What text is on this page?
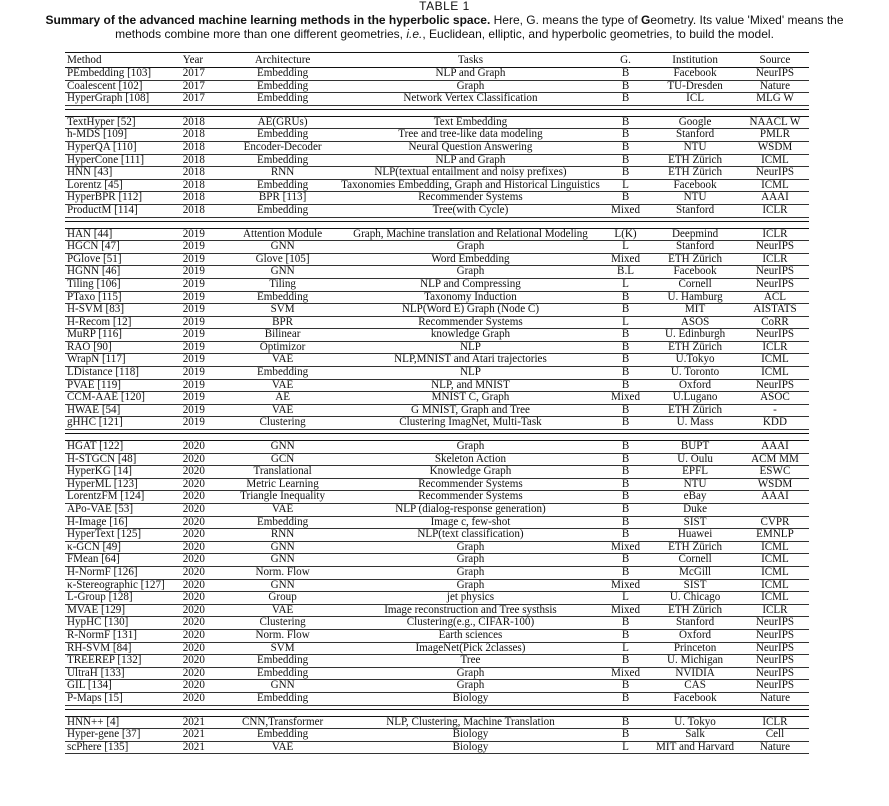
TABLE 1
Summary of the advanced machine learning methods in the hyperbolic space. Here, G. means the type of Geometry. Its value 'Mixed' means the methods combine more than one different geometries, i.e., Euclidean, elliptic, and hyperbolic geometries, to build the model.
Method	Year	Architecture	Tasks	G.	Institution	Source
PEmbedding [103]	2017	Embedding	NLP and Graph	B	Facebook	NeurIPS
Coalescent [102]	2017	Embedding	Graph	B	TU-Dresden	Nature
HyperGraph [108]	2017	Embedding	Network Vertex Classification	B	ICL	MLG W

TextHyper [52]	2018	AE(GRUs)	Text Embedding	B	Google	NAACL W
h-MDS [109]	2018	Embedding	Tree and tree-like data modeling	B	Stanford	PMLR
HyperQA [110]	2018	Encoder-Decoder	Neural Question Answering	B	NTU	WSDM
HyperCone [111]	2018	Embedding	NLP and Graph	B	ETH Zürich	ICML
HNN [43]	2018	RNN	NLP(textual entailment and noisy prefixes)	B	ETH Zürich	NeurIPS
Lorentz [45]	2018	Embedding	Taxonomies Embedding, Graph and Historical Linguistics	L	Facebook	ICML
HyperBPR [112]	2018	BPR [113]	Recommender Systems	B	NTU	AAAI
ProductM [114]	2018	Embedding	Tree(with Cycle)	Mixed	Stanford	ICLR

HAN [44]	2019	Attention Module	Graph, Machine translation and Relational Modeling	L(K)	Deepmind	ICLR
HGCN [47]	2019	GNN	Graph	L	Stanford	NeurIPS
PGlove [51]	2019	Glove [105]	Word Embedding	Mixed	ETH Zürich	ICLR
HGNN [46]	2019	GNN	Graph	B.L	Facebook	NeurIPS
Tiling [106]	2019	Tiling	NLP and Compressing	L	Cornell	NeurIPS
PTaxo [115]	2019	Embedding	Taxonomy Induction	B	U. Hamburg	ACL
H-SVM [83]	2019	SVM	NLP(Word E) Graph (Node C)	B	MIT	AISTATS
H-Recom [12]	2019	BPR	Recommender Systems	L	ASOS	CoRR
MuRP [116]	2019	Bilinear	knowledge Graph	B	U. Edinburgh	NeurIPS
RAO [90]	2019	Optimizor	NLP	B	ETH Zürich	ICLR
WrapN [117]	2019	VAE	NLP,MNIST and Atari trajectories	B	U.Tokyo	ICML
LDistance [118]	2019	Embedding	NLP	B	U. Toronto	ICML
PVAE [119]	2019	VAE	NLP, and MNIST	B	Oxford	NeurIPS
CCM-AAE [120]	2019	AE	MNIST C, Graph	Mixed	U.Lugano	ASOC
HWAE [54]	2019	VAE	G MNIST, Graph and Tree	B	ETH Zürich	-
gHHC [121]	2019	Clustering	Clustering ImagNet, Multi-Task	B	U. Mass	KDD

HGAT [122]	2020	GNN	Graph	B	BUPT	AAAI
H-STGCN [48]	2020	GCN	Skeleton Action	B	U. Oulu	ACM MM
HyperKG [14]	2020	Translational	Knowledge Graph	B	EPFL	ESWC
HyperML [123]	2020	Metric Learning	Recommender Systems	B	NTU	WSDM
LorentzFM [124]	2020	Triangle Inequality	Recommender Systems	B	eBay	AAAI
APo-VAE [53]	2020	VAE	NLP (dialog-response generation)	B	Duke	
H-Image [16]	2020	Embedding	Image c, few-shot	B	SIST	CVPR
HyperText [125]	2020	RNN	NLP(text classification)	B	Huawei	EMNLP
κ-GCN [49]	2020	GNN	Graph	Mixed	ETH Zürich	ICML
FMean [64]	2020	GNN	Graph	B	Cornell	ICML
H-NormF [126]	2020	Norm. Flow	Graph	B	McGill	ICML
κ-Stereographic [127]	2020	GNN	Graph	Mixed	SIST	ICML
L-Group [128]	2020	Group	jet physics	L	U. Chicago	ICML
MVAE [129]	2020	VAE	Image reconstruction and Tree systhsis	Mixed	ETH Zürich	ICLR
HypHC [130]	2020	Clustering	Clustering(e.g., CIFAR-100)	B	Stanford	NeurIPS
R-NormF [131]	2020	Norm. Flow	Earth sciences	B	Oxford	NeurIPS
RH-SVM [84]	2020	SVM	ImageNet(Pick 2classes)	L	Princeton	NeurIPS
TREEREP [132]	2020	Embedding	Tree	B	U. Michigan	NeurIPS
UltraH [133]	2020	Embedding	Graph	Mixed	NVIDIA	NeurIPS
GIL [134]	2020	GNN	Graph	B	CAS	NeurIPS
P-Maps [15]	2020	Embedding	Biology	B	Facebook	Nature

HNN++ [4]	2021	CNN,Transformer	NLP, Clustering, Machine Translation	B	U. Tokyo	ICLR
Hyper-gene [37]	2021	Embedding	Biology	B	Salk	Cell
scPhere [135]	2021	VAE	Biology	L	MIT and Harvard	Nature
